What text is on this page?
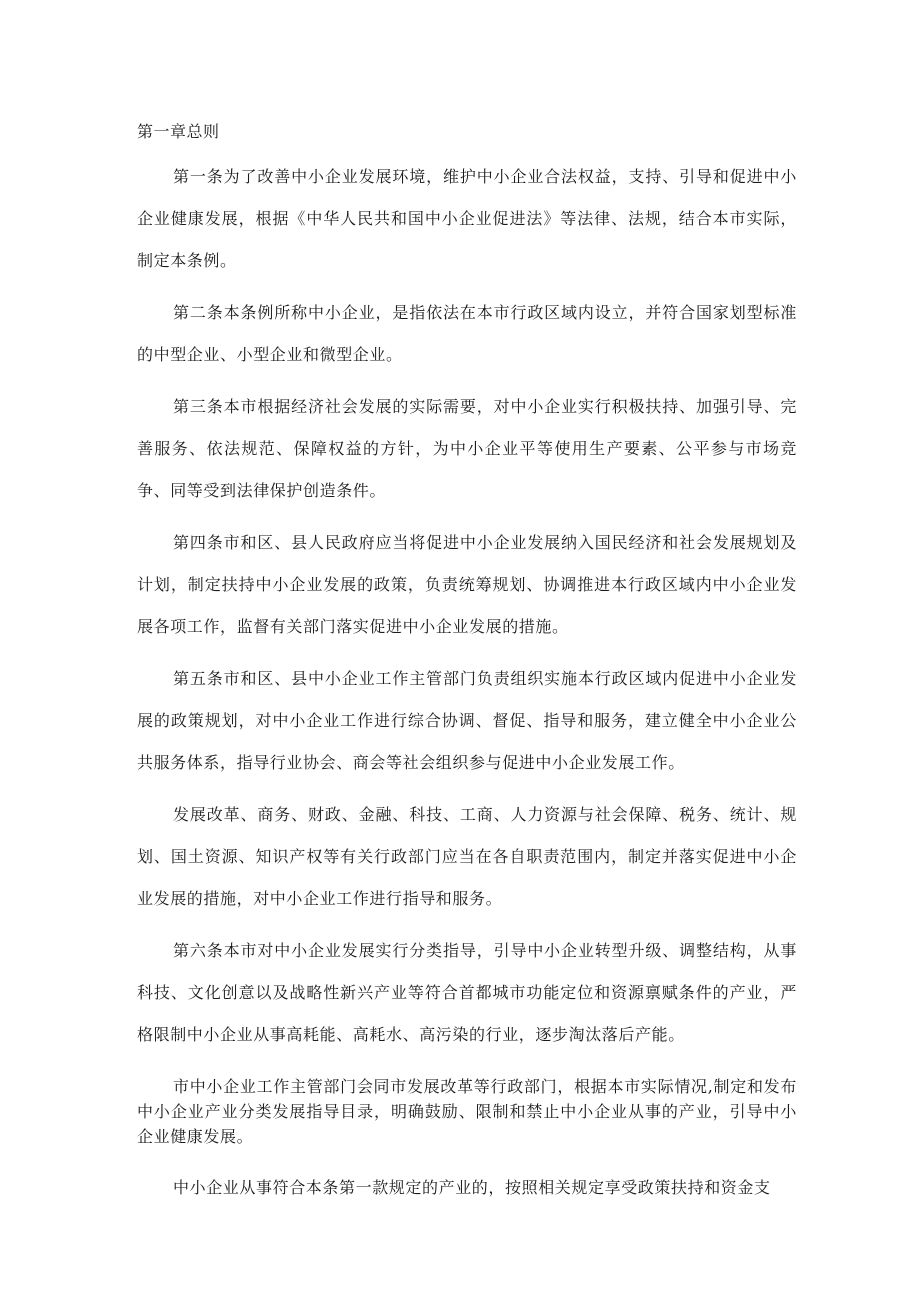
第一章总则

第一条为了改善中小企业发展环境，维护中小企业合法权益，支持、引导和促进中小企业健康发展，根据《中华人民共和国中小企业促进法》等法律、法规，结合本市实际，制定本条例。

第二条本条例所称中小企业，是指依法在本市行政区域内设立，并符合国家划型标准的中型企业、小型企业和微型企业。

第三条本市根据经济社会发展的实际需要，对中小企业实行积极扶持、加强引导、完善服务、依法规范、保障权益的方针，为中小企业平等使用生产要素、公平参与市场竞争、同等受到法律保护创造条件。

第四条市和区、县人民政府应当将促进中小企业发展纳入国民经济和社会发展规划及计划，制定扶持中小企业发展的政策，负责统筹规划、协调推进本行政区域内中小企业发展各项工作，监督有关部门落实促进中小企业发展的措施。

第五条市和区、县中小企业工作主管部门负责组织实施本行政区域内促进中小企业发展的政策规划，对中小企业工作进行综合协调、督促、指导和服务，建立健全中小企业公共服务体系，指导行业协会、商会等社会组织参与促进中小企业发展工作。

发展改革、商务、财政、金融、科技、工商、人力资源与社会保障、税务、统计、规划、国土资源、知识产权等有关行政部门应当在各自职责范围内，制定并落实促进中小企业发展的措施，对中小企业工作进行指导和服务。

第六条本市对中小企业发展实行分类指导，引导中小企业转型升级、调整结构，从事科技、文化创意以及战略性新兴产业等符合首都城市功能定位和资源禀赋条件的产业，严格限制中小企业从事高耗能、高耗水、高污染的行业，逐步淘汰落后产能。

市中小企业工作主管部门会同市发展改革等行政部门，根据本市实际情况,制定和发布中小企业产业分类发展指导目录，明确鼓励、限制和禁止中小企业从事的产业，引导中小企业健康发展。

中小企业从事符合本条第一款规定的产业的，按照相关规定享受政策扶持和资金支
